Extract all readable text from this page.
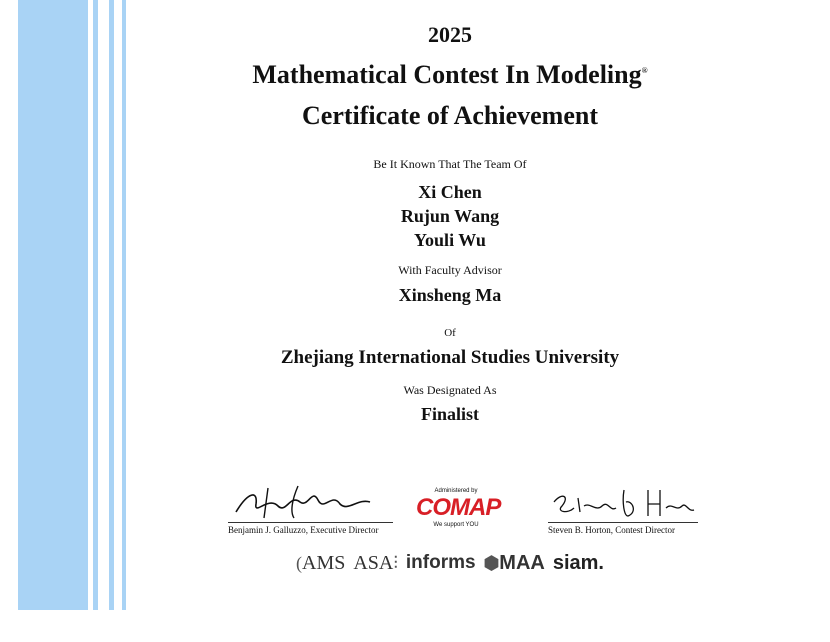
2025
Mathematical Contest In Modeling®
Certificate of Achievement
Be It Known That The Team Of
Xi Chen
Rujun Wang
Youli Wu
With Faculty Advisor
Xinsheng Ma
Of
Zhejiang International Studies University
Was Designated As
Finalist
Benjamin J. Galluzzo, Executive Director
Administered by
COMAP
We support YOU	Steven B. Horton, Contest Director
(AMS ASA⫶ informs ⬢MAA siam.
